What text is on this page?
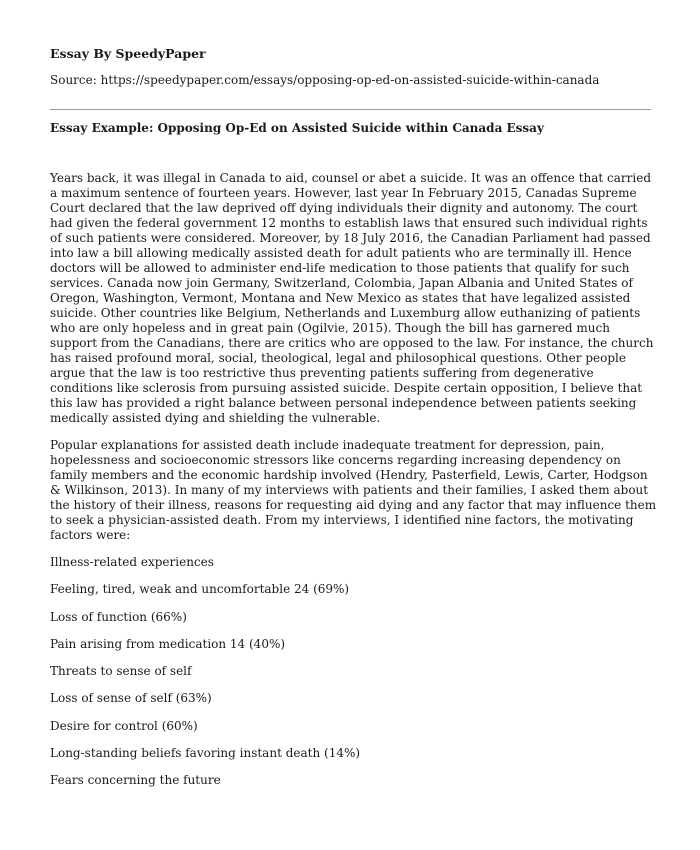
Essay By SpeedyPaper
Source: https://speedypaper.com/essays/opposing-op-ed-on-assisted-suicide-within-canada
Essay Example: Opposing Op-Ed on Assisted Suicide within Canada Essay

Years back, it was illegal in Canada to aid, counsel or abet a suicide. It was an offence that carried a maximum sentence of fourteen years. However, last year In February 2015, Canadas Supreme Court declared that the law deprived off dying individuals their dignity and autonomy. The court had given the federal government 12 months to establish laws that ensured such individual rights of such patients were considered. Moreover, by 18 July 2016, the Canadian Parliament had passed into law a bill allowing medically assisted death for adult patients who are terminally ill. Hence doctors will be allowed to administer end-life medication to those patients that qualify for such services. Canada now join Germany, Switzerland, Colombia, Japan Albania and United States of Oregon, Washington, Vermont, Montana and New Mexico as states that have legalized assisted suicide. Other countries like Belgium, Netherlands and Luxemburg allow euthanizing of patients who are only hopeless and in great pain (Ogilvie, 2015). Though the bill has garnered much support from the Canadians, there are critics who are opposed to the law. For instance, the church has raised profound moral, social, theological, legal and philosophical questions. Other people argue that the law is too restrictive thus preventing patients suffering from degenerative conditions like sclerosis from pursuing assisted suicide. Despite certain opposition, I believe that this law has provided a right balance between personal independence between patients seeking medically assisted dying and shielding the vulnerable.

Popular explanations for assisted death include inadequate treatment for depression, pain, hopelessness and socioeconomic stressors like concerns regarding increasing dependency on family members and the economic hardship involved (Hendry, Pasterfield, Lewis, Carter, Hodgson & Wilkinson, 2013). In many of my interviews with patients and their families, I asked them about the history of their illness, reasons for requesting aid dying and any factor that may influence them to seek a physician-assisted death. From my interviews, I identified nine factors, the motivating factors were:

Illness-related experiences
Feeling, tired, weak and uncomfortable 24 (69%)
Loss of function (66%)
Pain arising from medication 14 (40%)
Threats to sense of self
Loss of sense of self (63%)
Desire for control (60%)
Long-standing beliefs favoring instant death (14%)
Fears concerning the future
